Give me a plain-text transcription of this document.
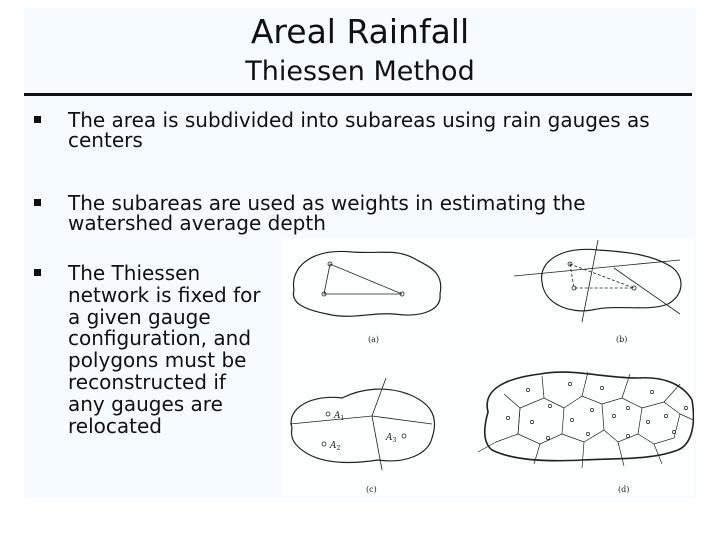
Areal Rainfall
Thiessen Method
The area is subdivided into subareas using rain gauges as
centers
The subareas are used as weights in estimating the
watershed average depth
The Thiessen
network is fixed for
a given gauge
configuration, and
polygons must be
reconstructed if
any gauges are
relocated
(a)	(b)
(c)	(d)
A1
A2
A3
